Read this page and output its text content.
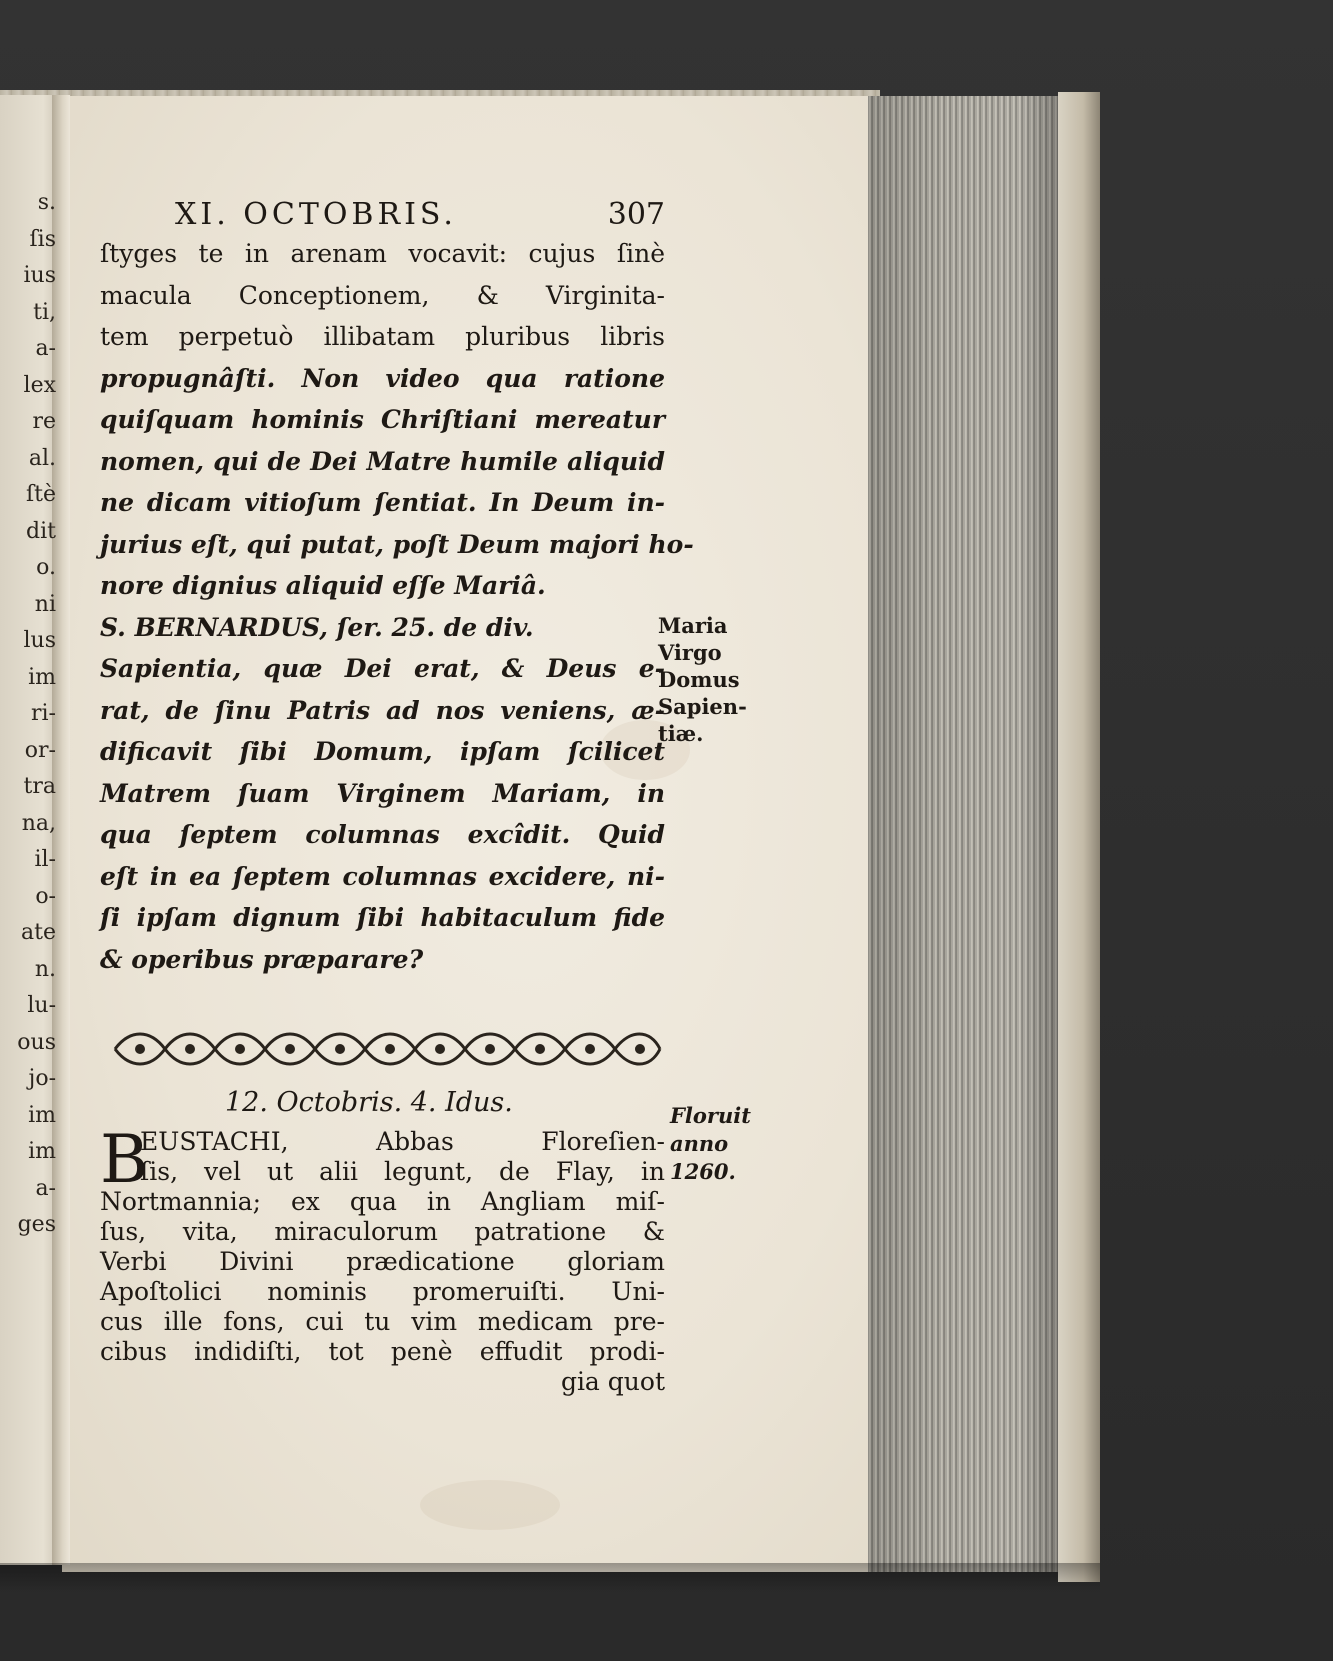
s.
ſis
ius
ti,
a-
lex
re
al.
ſtè
dit
o.
ni
lus
im
ri-
or-
tra
na,
il-
o-
ate
n.
lu-
ous
jo-
im
im
a-
ges
XI. OCTOBRIS.	307
ſtyges te in arenam vocavit: cujus ſinè
macula Conceptionem, & Virginita-
tem perpetuò illibatam pluribus libris
propugnâſti. Non video qua ratione
quiſquam hominis Chriſtiani mereatur
nomen, qui de Dei Matre humile aliquid
ne dicam vitioſum ſentiat. In Deum in-
jurius eſt, qui putat, poſt Deum majori ho-
nore dignius aliquid eſſe Mariâ.
S. BERNARDUS, ſer. 25. de div.
Sapientia, quæ Dei erat, & Deus e-
rat, de ſinu Patris ad nos veniens, æ-
dificavit ſibi Domum, ipſam ſcilicet
Matrem ſuam Virginem Mariam, in
qua ſeptem columnas excîdit. Quid
eſt in ea ſeptem columnas excidere, ni-
ſi ipſam dignum ſibi habitaculum fide
& operibus præparare?
Maria
Virgo
Domus
Sapien-
tiæ.
12. Octobris. 4. Idus.
B
EUSTACHI, Abbas Floreſien-
ſis, vel ut alii legunt, de Flay, in
Nortmannia; ex qua in Angliam miſ-
ſus, vita, miraculorum patratione &
Verbi Divini prædicatione gloriam
Apoſtolici nominis promeruiſti. Uni-
cus ille fons, cui tu vim medicam pre-
cibus indidiſti, tot penè effudit prodi-
gia quot
Floruit
anno
1260.
